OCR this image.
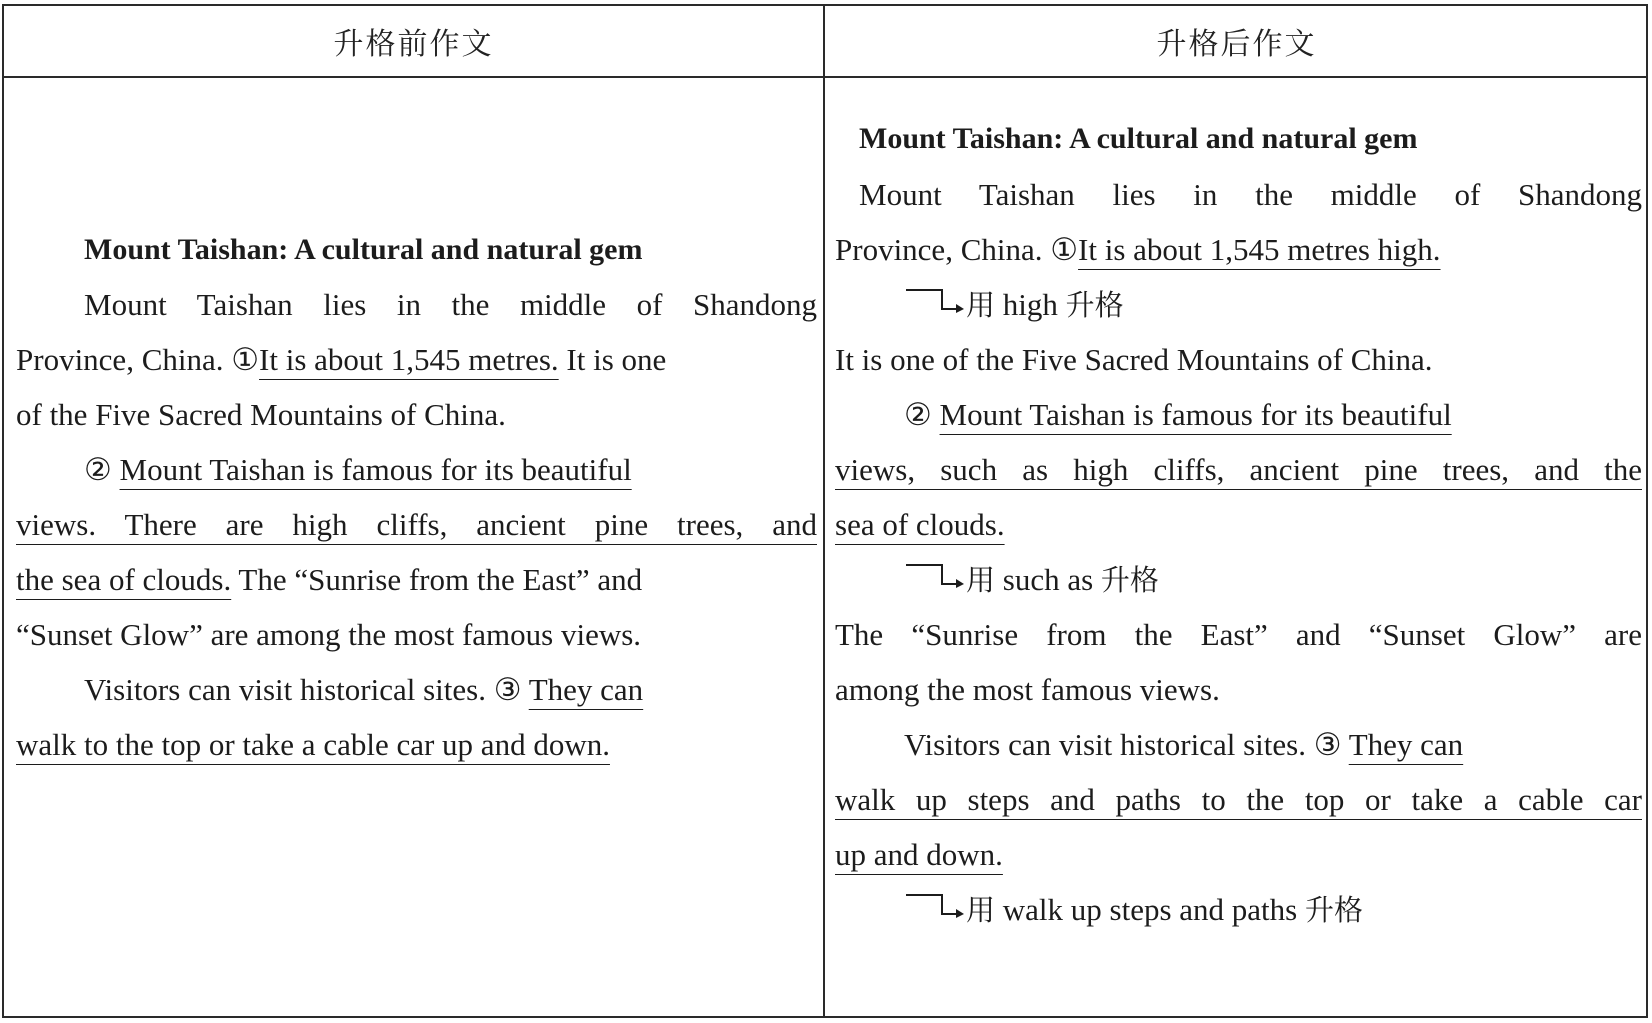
升格前作文	升格后作文

Mount Taishan: A cultural and natural gem

Mount Taishan lies in the middle of Shandong

Province, China. ①It is about 1,545 metres. It is one

of the Five Sacred Mountains of China.

② Mount Taishan is famous for its beautiful

views. There are high cliffs, ancient pine trees, and

the sea of clouds. The “Sunrise from the East” and

“Sunset Glow” are among the most famous views.

Visitors can visit historical sites. ③ They can

walk to the top or take a cable car up and down.

Mount Taishan: A cultural and natural gem

Mount Taishan lies in the middle of Shandong

Province, China. ①It is about 1,545 metres high.

用 high 升格

It is one of the Five Sacred Mountains of China.

② Mount Taishan is famous for its beautiful

views, such as high cliffs, ancient pine trees, and the

sea of clouds.

用 such as 升格

The “Sunrise from the East” and “Sunset Glow” are

among the most famous views.

Visitors can visit historical sites. ③ They can

walk up steps and paths to the top or take a cable car

up and down.

用 walk up steps and paths 升格
